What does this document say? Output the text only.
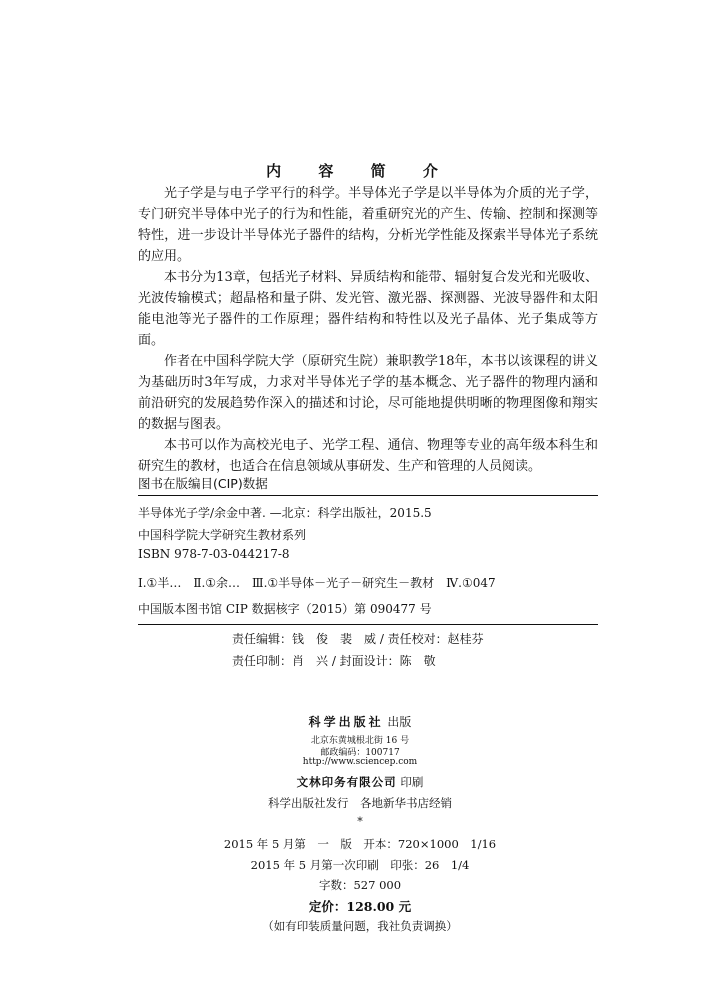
内 容 简 介

光子学是与电子学平行的科学。半导体光子学是以半导体为介质的光子学，专门研究半导体中光子的行为和性能，着重研究光的产生、传输、控制和探测等特性，进一步设计半导体光子器件的结构，分析光学性能及探索半导体光子系统的应用。

本书分为13章，包括光子材料、异质结构和能带、辐射复合发光和光吸收、光波传输模式；超晶格和量子阱、发光管、激光器、探测器、光波导器件和太阳能电池等光子器件的工作原理；器件结构和特性以及光子晶体、光子集成等方面。

作者在中国科学院大学（原研究生院）兼职教学18年，本书以该课程的讲义为基础历时3年写成，力求对半导体光子学的基本概念、光子器件的物理内涵和前沿研究的发展趋势作深入的描述和讨论，尽可能地提供明晰的物理图像和翔实的数据与图表。

本书可以作为高校光电子、光学工程、通信、物理等专业的高年级本科生和研究生的教材，也适合在信息领域从事研发、生产和管理的人员阅读。

图书在版编目(CIP)数据
半导体光子学/余金中著. —北京：科学出版社，2015.5
中国科学院大学研究生教材系列
ISBN 978-7-03-044217-8
Ⅰ.①半…　Ⅱ.①余…　Ⅲ.①半导体－光子－研究生－教材　Ⅳ.①047
中国版本图书馆 CIP 数据核字（2015）第 090477 号
责任编辑：钱　俊　裴　威 / 责任校对：赵桂芬
责任印制：肖　兴 / 封面设计：陈　敬
科学出版社 出版
北京东黄城根北街 16 号
邮政编码：100717
http://www.sciencep.com
文林印务有限公司 印刷
科学出版社发行　各地新华书店经销
*
2015 年 5 月第　一　版　开本：720×1000　1/16
2015 年 5 月第一次印刷　印张：26　1/4
字数：527 000
定价：128.00 元
（如有印装质量问题，我社负责调换）
